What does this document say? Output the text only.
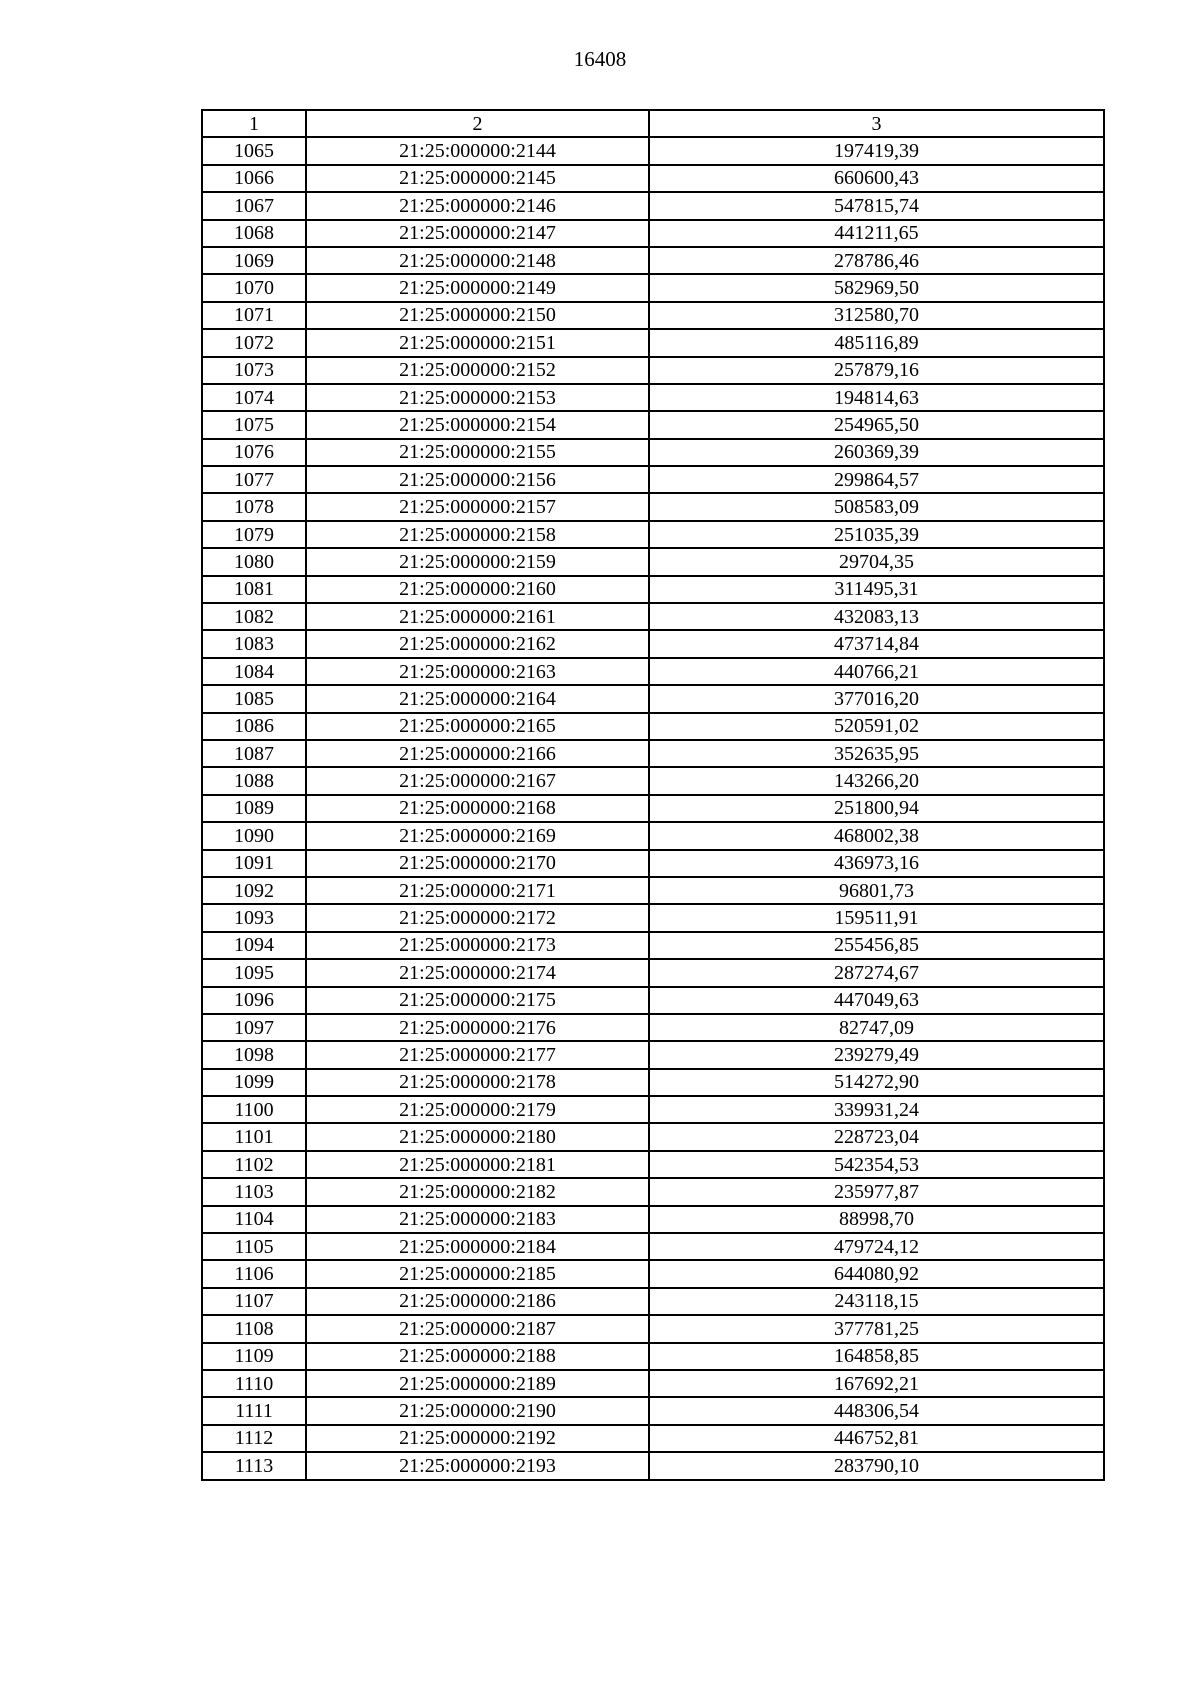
16408
1	2	3
1065	21:25:000000:2144	197419,39
1066	21:25:000000:2145	660600,43
1067	21:25:000000:2146	547815,74
1068	21:25:000000:2147	441211,65
1069	21:25:000000:2148	278786,46
1070	21:25:000000:2149	582969,50
1071	21:25:000000:2150	312580,70
1072	21:25:000000:2151	485116,89
1073	21:25:000000:2152	257879,16
1074	21:25:000000:2153	194814,63
1075	21:25:000000:2154	254965,50
1076	21:25:000000:2155	260369,39
1077	21:25:000000:2156	299864,57
1078	21:25:000000:2157	508583,09
1079	21:25:000000:2158	251035,39
1080	21:25:000000:2159	29704,35
1081	21:25:000000:2160	311495,31
1082	21:25:000000:2161	432083,13
1083	21:25:000000:2162	473714,84
1084	21:25:000000:2163	440766,21
1085	21:25:000000:2164	377016,20
1086	21:25:000000:2165	520591,02
1087	21:25:000000:2166	352635,95
1088	21:25:000000:2167	143266,20
1089	21:25:000000:2168	251800,94
1090	21:25:000000:2169	468002,38
1091	21:25:000000:2170	436973,16
1092	21:25:000000:2171	96801,73
1093	21:25:000000:2172	159511,91
1094	21:25:000000:2173	255456,85
1095	21:25:000000:2174	287274,67
1096	21:25:000000:2175	447049,63
1097	21:25:000000:2176	82747,09
1098	21:25:000000:2177	239279,49
1099	21:25:000000:2178	514272,90
1100	21:25:000000:2179	339931,24
1101	21:25:000000:2180	228723,04
1102	21:25:000000:2181	542354,53
1103	21:25:000000:2182	235977,87
1104	21:25:000000:2183	88998,70
1105	21:25:000000:2184	479724,12
1106	21:25:000000:2185	644080,92
1107	21:25:000000:2186	243118,15
1108	21:25:000000:2187	377781,25
1109	21:25:000000:2188	164858,85
1110	21:25:000000:2189	167692,21
1111	21:25:000000:2190	448306,54
1112	21:25:000000:2192	446752,81
1113	21:25:000000:2193	283790,10
